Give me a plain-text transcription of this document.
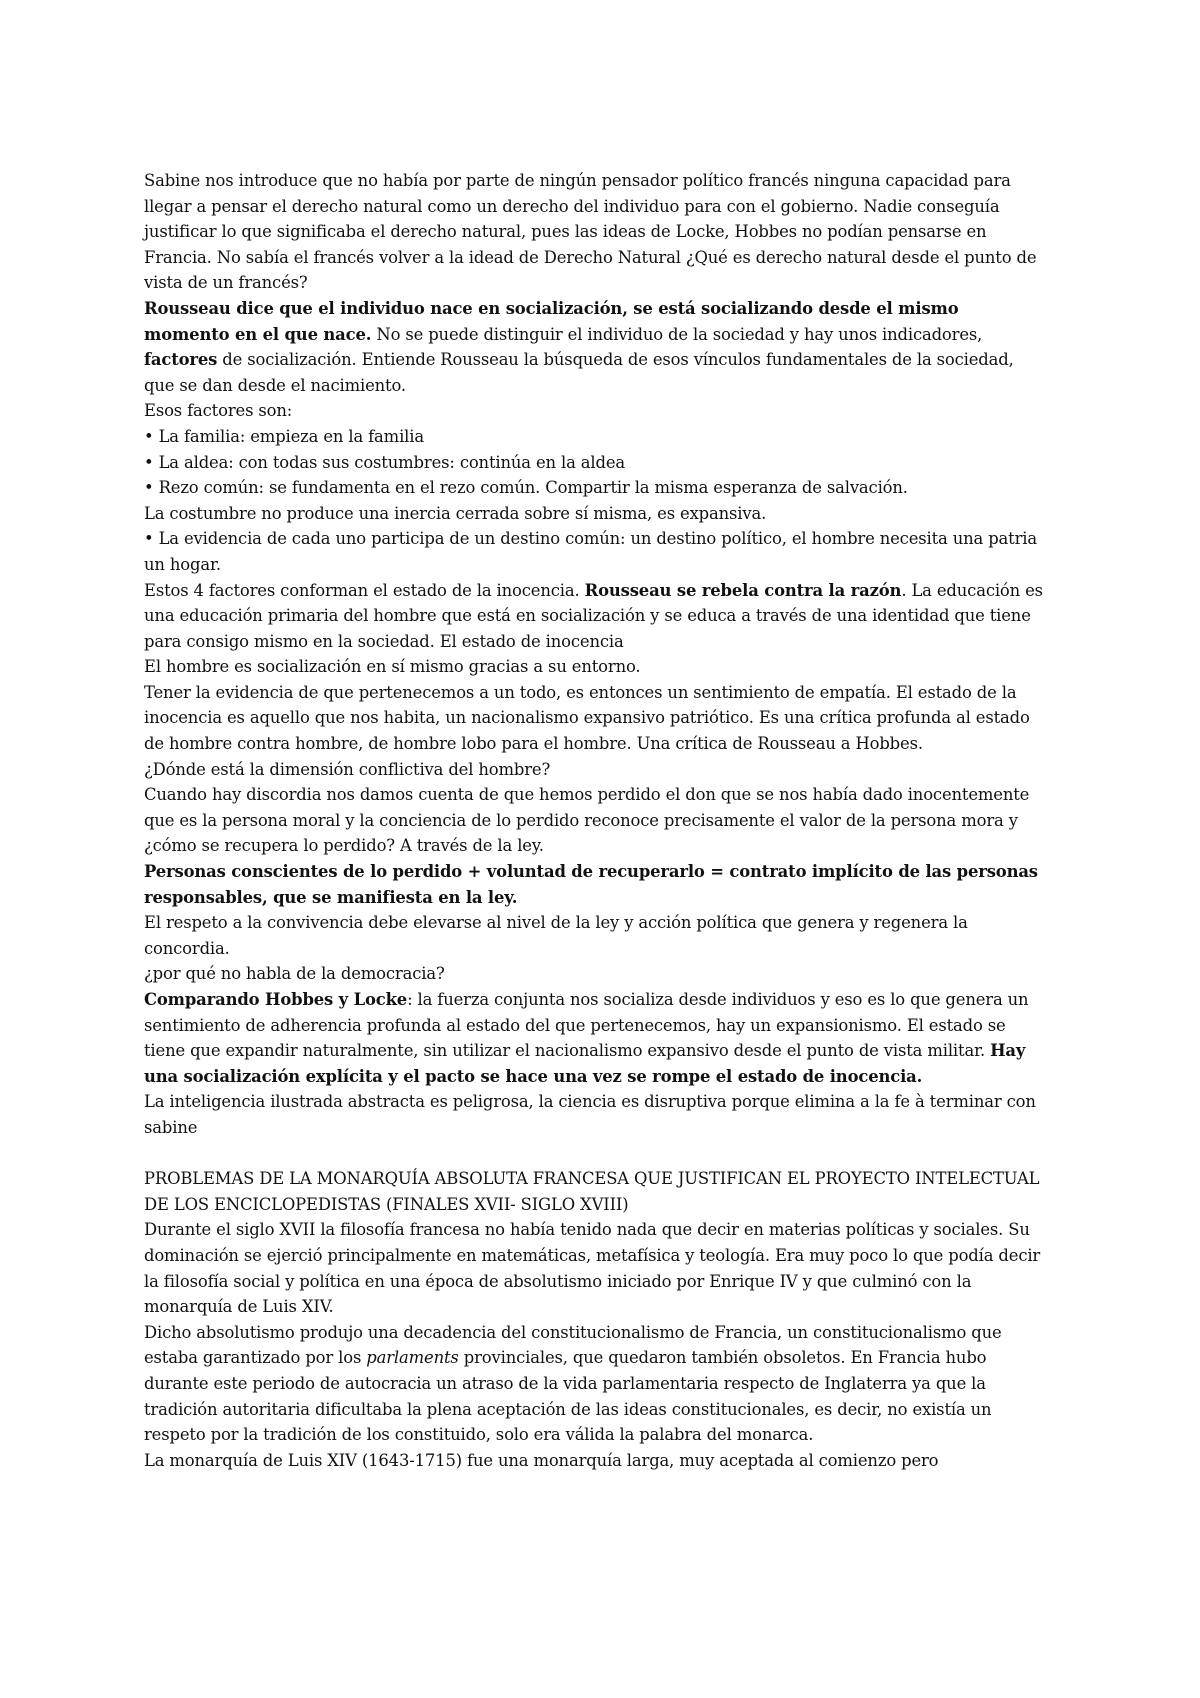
Sabine nos introduce que no había por parte de ningún pensador político francés ninguna capacidad para llegar a pensar el derecho natural como un derecho del individuo para con el gobierno. Nadie conseguía justificar lo que significaba el derecho natural, pues las ideas de Locke, Hobbes no podían pensarse en Francia. No sabía el francés volver a la idead de Derecho Natural ¿Qué es derecho natural desde el punto de vista de un francés?

Rousseau dice que el individuo nace en socialización, se está socializando desde el mismo momento en el que nace. No se puede distinguir el individuo de la sociedad y hay unos indicadores, factores de socialización. Entiende Rousseau la búsqueda de esos vínculos fundamentales de la sociedad, que se dan desde el nacimiento.

Esos factores son:

• La familia: empieza en la familia

• La aldea: con todas sus costumbres: continúa en la aldea

• Rezo común: se fundamenta en el rezo común. Compartir la misma esperanza de salvación.

La costumbre no produce una inercia cerrada sobre sí misma, es expansiva.

• La evidencia de cada uno participa de un destino común: un destino político, el hombre necesita una patria un hogar.

Estos 4 factores conforman el estado de la inocencia. Rousseau se rebela contra la razón. La educación es una educación primaria del hombre que está en socialización y se educa a través de una identidad que tiene para consigo mismo en la sociedad. El estado de inocencia

El hombre es socialización en sí mismo gracias a su entorno.

Tener la evidencia de que pertenecemos a un todo, es entonces un sentimiento de empatía. El estado de la inocencia es aquello que nos habita, un nacionalismo expansivo patriótico. Es una crítica profunda al estado de hombre contra hombre, de hombre lobo para el hombre. Una crítica de Rousseau a Hobbes.

¿Dónde está la dimensión conflictiva del hombre?

Cuando hay discordia nos damos cuenta de que hemos perdido el don que se nos había dado inocentemente que es la persona moral y la conciencia de lo perdido reconoce precisamente el valor de la persona mora y ¿cómo se recupera lo perdido? A través de la ley.

Personas conscientes de lo perdido + voluntad de recuperarlo = contrato implícito de las personas responsables, que se manifiesta en la ley.

El respeto a la convivencia debe elevarse al nivel de la ley y acción política que genera y regenera la concordia.

¿por qué no habla de la democracia?

Comparando Hobbes y Locke: la fuerza conjunta nos socializa desde individuos y eso es lo que genera un sentimiento de adherencia profunda al estado del que pertenecemos, hay un expansionismo. El estado se tiene que expandir naturalmente, sin utilizar el nacionalismo expansivo desde el punto de vista militar. Hay una socialización explícita y el pacto se hace una vez se rompe el estado de inocencia.

La inteligencia ilustrada abstracta es peligrosa, la ciencia es disruptiva porque elimina a la fe à terminar con sabine

PROBLEMAS DE LA MONARQUÍA ABSOLUTA FRANCESA QUE JUSTIFICAN EL PROYECTO INTELECTUAL DE LOS ENCICLOPEDISTAS (FINALES XVII- SIGLO XVIII)

Durante el siglo XVII la filosofía francesa no había tenido nada que decir en materias políticas y sociales. Su dominación se ejerció principalmente en matemáticas, metafísica y teología. Era muy poco lo que podía decir la filosofía social y política en una época de absolutismo iniciado por Enrique IV y que culminó con la monarquía de Luis XIV.

Dicho absolutismo produjo una decadencia del constitucionalismo de Francia, un constitucionalismo que estaba garantizado por los parlaments provinciales, que quedaron también obsoletos. En Francia hubo durante este periodo de autocracia un atraso de la vida parlamentaria respecto de Inglaterra ya que la tradición autoritaria dificultaba la plena aceptación de las ideas constitucionales, es decir, no existía un respeto por la tradición de los constituido, solo era válida la palabra del monarca.

La monarquía de Luis XIV (1643-1715) fue una monarquía larga, muy aceptada al comienzo pero
